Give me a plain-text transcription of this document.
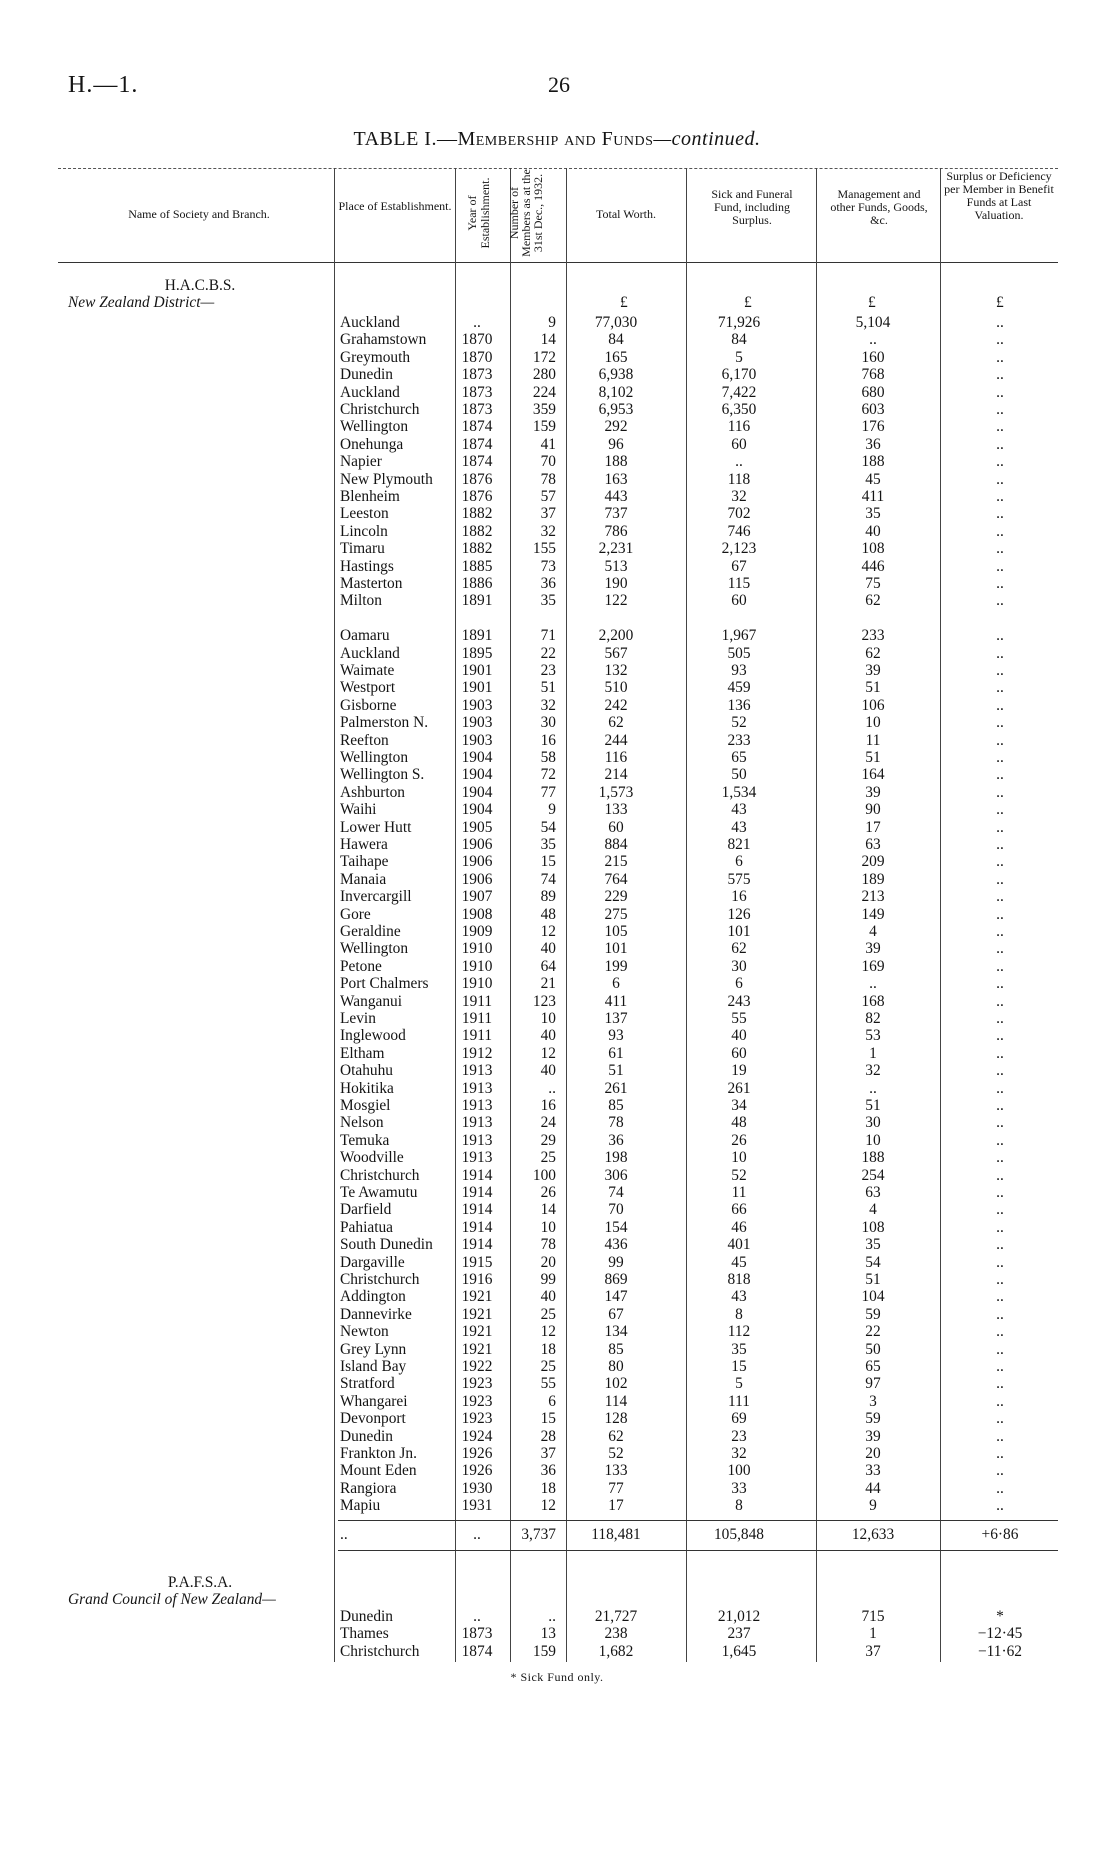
H.—1.	26
TABLE I.—Membership and Funds—continued.
Name of Society and Branch.
Place of Establishment. Year of Establishment. Number of Members as at the 31st Dec., 1932.	Total Worth.
Sick and Funeral Fund, including Surplus.
Management and other Funds, Goods, &c.
Surplus or Deficiency per Member in Benefit Funds at Last Valuation.
H.A.C.B.S.
New Zealand District—	£	£	£	£
Auckland	..	9	77,030	71,926	5,104	..
Grahamstown	1870	14	84	84	..	..
Greymouth	1870	172	165	5	160	..
Dunedin	1873	280	6,938	6,170	768	..
Auckland	1873	224	8,102	7,422	680	..
Christchurch	1873	359	6,953	6,350	603	..
Wellington	1874	159	292	116	176	..
Onehunga	1874	41	96	60	36	..
Napier	1874	70	188	..	188	..
New Plymouth	1876	78	163	118	45	..
Blenheim	1876	57	443	32	411	..
Leeston	1882	37	737	702	35	..
Lincoln	1882	32	786	746	40	..
Timaru	1882	155	2,231	2,123	108	..
Hastings	1885	73	513	67	446	..
Masterton	1886	36	190	115	75	..
Milton	1891	35	122	60	62	..
Oamaru	1891	71	2,200	1,967	233	..
Auckland	1895	22	567	505	62	..
Waimate	1901	23	132	93	39	..
Westport	1901	51	510	459	51	..
Gisborne	1903	32	242	136	106	..
Palmerston N.	1903	30	62	52	10	..
Reefton	1903	16	244	233	11	..
Wellington	1904	58	116	65	51	..
Wellington S.	1904	72	214	50	164	..
Ashburton	1904	77	1,573	1,534	39	..
Waihi	1904	9	133	43	90	..
Lower Hutt	1905	54	60	43	17	..
Hawera	1906	35	884	821	63	..
Taihape	1906	15	215	6	209	..
Manaia	1906	74	764	575	189	..
Invercargill	1907	89	229	16	213	..
Gore	1908	48	275	126	149	..
Geraldine	1909	12	105	101	4	..
Wellington	1910	40	101	62	39	..
Petone	1910	64	199	30	169	..
Port Chalmers	1910	21	6	6	..	..
Wanganui	1911	123	411	243	168	..
Levin	1911	10	137	55	82	..
Inglewood	1911	40	93	40	53	..
Eltham	1912	12	61	60	1	..
Otahuhu	1913	40	51	19	32	..
Hokitika	1913	..	261	261	..	..
Mosgiel	1913	16	85	34	51	..
Nelson	1913	24	78	48	30	..
Temuka	1913	29	36	26	10	..
Woodville	1913	25	198	10	188	..
Christchurch	1914	100	306	52	254	..
Te Awamutu	1914	26	74	11	63	..
Darfield	1914	14	70	66	4	..
Pahiatua	1914	10	154	46	108	..
South Dunedin	1914	78	436	401	35	..
Dargaville	1915	20	99	45	54	..
Christchurch	1916	99	869	818	51	..
Addington	1921	40	147	43	104	..
Dannevirke	1921	25	67	8	59	..
Newton	1921	12	134	112	22	..
Grey Lynn	1921	18	85	35	50	..
Island Bay	1922	25	80	15	65	..
Stratford	1923	55	102	5	97	..
Whangarei	1923	6	114	111	3	..
Devonport	1923	15	128	69	59	..
Dunedin	1924	28	62	23	39	..
Frankton Jn.	1926	37	52	32	20	..
Mount Eden	1926	36	133	100	33	..
Rangiora	1930	18	77	33	44	..
Mapiu	1931	12	17	8	9	..
..	..	3,737	118,481	105,848	12,633	+6·86
P.A.F.S.A.
Grand Council of New Zealand—
Dunedin	..	..	21,727	21,012	715	*
Thames	1873	13	238	237	1	−12·45
Christchurch	1874	159	1,682	1,645	37	−11·62
* Sick Fund only.
